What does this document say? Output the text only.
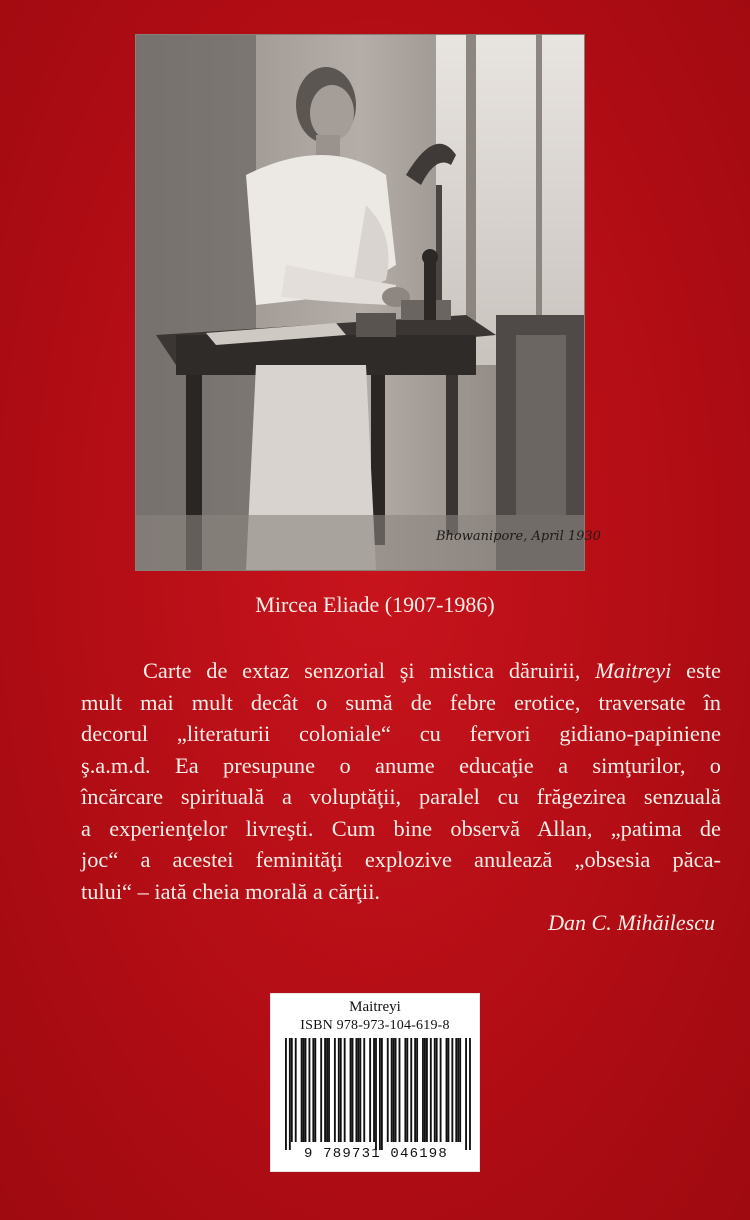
Bhowanipore, April 1930
Mircea Eliade (1907-1986)
Carte de extaz senzorial şi mistica dăruirii, Maitreyi este
mult mai mult decât o sumă de febre erotice, traversate în
decorul „literaturii coloniale“ cu fervori gidiano-papiniene
ş.a.m.d. Ea presupune o anume educaţie a simţurilor, o
încărcare spirituală a voluptăţii, paralel cu frăgezirea senzuală
a experienţelor livreşti. Cum bine observă Allan, „patima de
joc“ a acestei feminităţi explozive anulează „obsesia păca-
tului“ – iată cheia morală a cărţii.
Dan C. Mihăilescu
Maitreyi
ISBN 978-973-104-619-8
9 789731 046198
